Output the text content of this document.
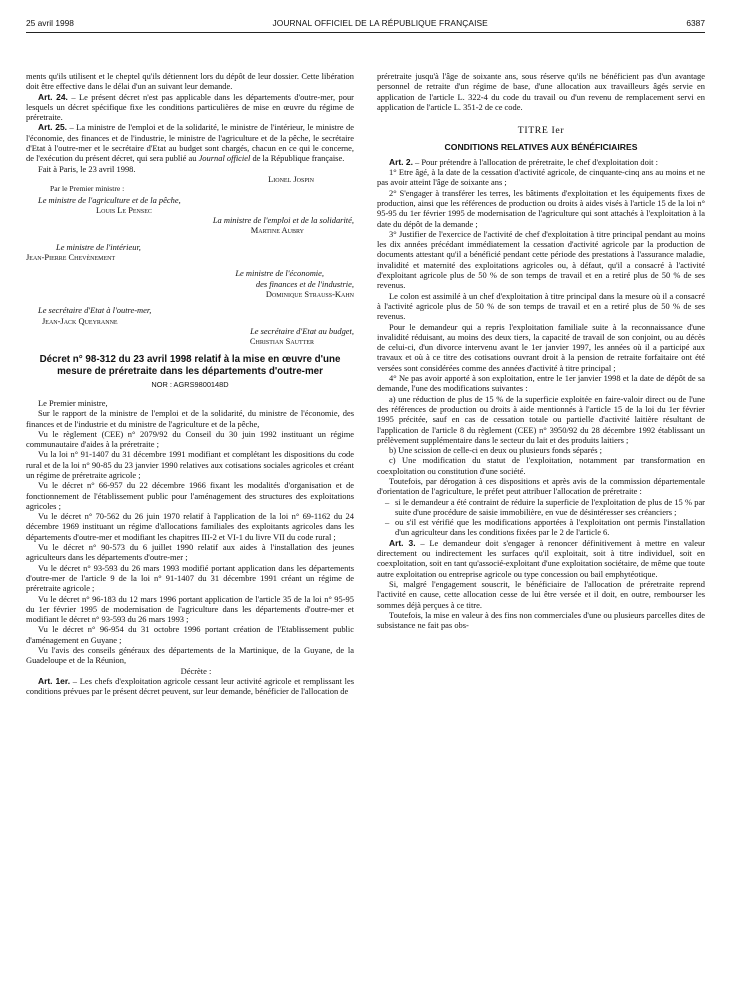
25 avril 1998	JOURNAL OFFICIEL DE LA RÉPUBLIQUE FRANÇAISE	6387

ments qu'ils utilisent et le cheptel qu'ils détiennent lors du dépôt de leur dossier. Cette libération doit être effective dans le délai d'un an suivant leur demande.

Art. 24. – Le présent décret n'est pas applicable dans les départements d'outre-mer, pour lesquels un décret spécifique fixe les conditions particulières de mise en œuvre du régime de préretraite.

Art. 25. – La ministre de l'emploi et de la solidarité, le ministre de l'intérieur, le ministre de l'économie, des finances et de l'industrie, le ministre de l'agriculture et de la pêche, le secrétaire d'Etat à l'outre-mer et le secrétaire d'Etat au budget sont chargés, chacun en ce qui le concerne, de l'exécution du présent décret, qui sera publié au Journal officiel de la République française.

Fait à Paris, le 23 avril 1998.

Lionel Jospin

Par le Premier ministre :

Le ministre de l'agriculture et de la pêche,

Louis Le Pensec

La ministre de l'emploi et de la solidarité,

Martine Aubry

Le ministre de l'intérieur,

Jean-Pierre Chevènement

Le ministre de l'économie,

des finances et de l'industrie,

Dominique Strauss-Kahn

Le secrétaire d'Etat à l'outre-mer,

Jean-Jack Queyranne

Le secrétaire d'Etat au budget,

Christian Sautter

Décret n° 98-312 du 23 avril 1998 relatif à la mise en œuvre d'une mesure de préretraite dans les départements d'outre-mer
NOR : AGRS9800148D

Le Premier ministre,

Sur le rapport de la ministre de l'emploi et de la solidarité, du ministre de l'économie, des finances et de l'industrie et du ministre de l'agriculture et de la pêche,

Vu le règlement (CEE) n° 2079/92 du Conseil du 30 juin 1992 instituant un régime communautaire d'aides à la préretraite ;

Vu la loi n° 91-1407 du 31 décembre 1991 modifiant et complétant les dispositions du code rural et de la loi n° 90-85 du 23 janvier 1990 relatives aux cotisations sociales agricoles et créant un régime de préretraite agricole ;

Vu le décret n° 66-957 du 22 décembre 1966 fixant les modalités d'organisation et de fonctionnement de l'établissement public pour l'aménagement des structures des exploitations agricoles ;

Vu le décret n° 70-562 du 26 juin 1970 relatif à l'application de la loi n° 69-1162 du 24 décembre 1969 instituant un régime d'allocations familiales des exploitants agricoles dans les départements d'outre-mer et modifiant les chapitres III-2 et VI-1 du livre VII du code rural ;

Vu le décret n° 90-573 du 6 juillet 1990 relatif aux aides à l'installation des jeunes agriculteurs dans les départements d'outre-mer ;

Vu le décret n° 93-593 du 26 mars 1993 modifié portant application dans les départements d'outre-mer de l'article 9 de la loi n° 91-1407 du 31 décembre 1991 créant un régime de préretraite agricole ;

Vu le décret n° 96-183 du 12 mars 1996 portant application de l'article 35 de la loi n° 95-95 du 1er février 1995 de modernisation de l'agriculture dans les départements d'outre-mer et modifiant le décret n° 93-593 du 26 mars 1993 ;

Vu le décret n° 96-954 du 31 octobre 1996 portant création de l'Etablissement public d'aménagement en Guyane ;

Vu l'avis des conseils généraux des départements de la Martinique, de la Guyane, de la Guadeloupe et de la Réunion,

Décrète :

Art. 1er. – Les chefs d'exploitation agricole cessant leur activité agricole et remplissant les conditions prévues par le présent décret peuvent, sur leur demande, bénéficier de l'allocation de

préretraite jusqu'à l'âge de soixante ans, sous réserve qu'ils ne bénéficient pas d'un avantage personnel de retraite d'un régime de base, d'une allocation aux travailleurs âgés servie en application de l'article L. 322-4 du code du travail ou d'un revenu de remplacement servi en application de l'article L. 351-2 de ce code.

TITRE Ier
CONDITIONS RELATIVES AUX BÉNÉFICIAIRES

Art. 2. – Pour prétendre à l'allocation de préretraite, le chef d'exploitation doit :

1° Etre âgé, à la date de la cessation d'activité agricole, de cinquante-cinq ans au moins et ne pas avoir atteint l'âge de soixante ans ;

2° S'engager à transférer les terres, les bâtiments d'exploitation et les équipements fixes de production, ainsi que les références de production ou droits à aides visés à l'article 15 de la loi n° 95-95 du 1er février 1995 de modernisation de l'agriculture qui sont attachés à l'exploitation à la date du dépôt de la demande ;

3° Justifier de l'exercice de l'activité de chef d'exploitation à titre principal pendant au moins les dix années précédant immédiatement la cessation d'activité agricole par la production de documents attestant qu'il a bénéficié pendant cette période des prestations à l'assurance maladie, invalidité et maternité des exploitations agricoles ou, à défaut, qu'il a consacré à l'activité d'exploitant agricole plus de 50 % de son temps de travail et en a retiré plus de 50 % de ses revenus.

Le colon est assimilé à un chef d'exploitation à titre principal dans la mesure où il a consacré à l'activité agricole plus de 50 % de son temps de travail et en a retiré plus de 50 % de ses revenus.

Pour le demandeur qui a repris l'exploitation familiale suite à la reconnaissance d'une invalidité réduisant, au moins des deux tiers, la capacité de travail de son conjoint, ou au décès de celui-ci, d'un divorce intervenu avant le 1er janvier 1997, les années où il a participé aux travaux et où à ce titre des cotisations ouvrant droit à la pension de retraite forfaitaire ont été versées sont considérées comme des années d'activité à titre principal ;

4° Ne pas avoir apporté à son exploitation, entre le 1er janvier 1998 et la date de dépôt de sa demande, l'une des modifications suivantes :

a) une réduction de plus de 15 % de la superficie exploitée en faire-valoir direct ou de l'une des références de production ou droits à aide mentionnés à l'article 15 de la loi du 1er février 1995 précitée, sauf en cas de cessation totale ou partielle d'activité laitière résultant de l'application de l'article 8 du règlement (CEE) n° 3950/92 du 28 décembre 1992 établissant un prélèvement supplémentaire dans le secteur du lait et des produits laitiers ;

b) Une scission de celle-ci en deux ou plusieurs fonds séparés ;

c) Une modification du statut de l'exploitation, notamment par transformation en coexploitation ou constitution d'une société.

Toutefois, par dérogation à ces dispositions et après avis de la commission départementale d'orientation de l'agriculture, le préfet peut attribuer l'allocation de préretraite :

– si le demandeur a été contraint de réduire la superficie de l'exploitation de plus de 15 % par suite d'une procédure de saisie immobilière, en vue de désintéresser ses créanciers ;

– ou s'il est vérifié que les modifications apportées à l'exploitation ont permis l'installation d'un agriculteur dans les conditions fixées par le 2 de l'article 6.

Art. 3. – Le demandeur doit s'engager à renoncer définitivement à mettre en valeur directement ou indirectement les surfaces qu'il exploitait, soit à titre individuel, soit en coexploitation, soit en tant qu'associé-exploitant d'une exploitation sociétaire, de même que toute autre exploitation ou entreprise agricole ou type concession ou bail emphytéotique.

Si, malgré l'engagement souscrit, le bénéficiaire de l'allocation de préretraite reprend l'activité en cause, cette allocation cesse de lui être versée et il doit, en outre, rembourser les sommes déjà perçues à ce titre.

Toutefois, la mise en valeur à des fins non commerciales d'une ou plusieurs parcelles dites de subsistance ne fait pas obs-
